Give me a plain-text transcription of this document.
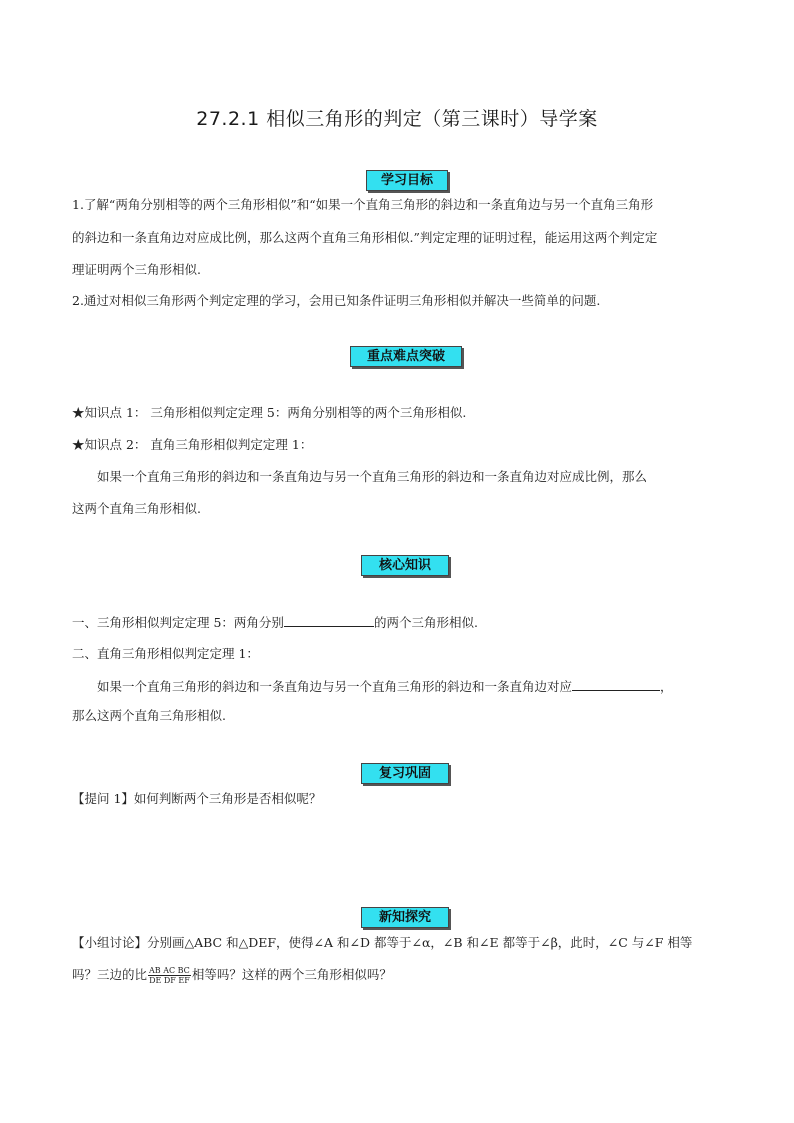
27.2.1 相似三角形的判定（第三课时）导学案
学习目标
1.了解“两角分别相等的两个三角形相似”和“如果一个直角三角形的斜边和一条直角边与另一个直角三角形
的斜边和一条直角边对应成比例，那么这两个直角三角形相似.”判定定理的证明过程，能运用这两个判定定
理证明两个三角形相似.
2.通过对相似三角形两个判定定理的学习，会用已知条件证明三角形相似并解决一些简单的问题.
重点难点突破
★知识点 1： 三角形相似判定定理 5：两角分别相等的两个三角形相似.
★知识点 2： 直角三角形相似判定定理 1：
如果一个直角三角形的斜边和一条直角边与另一个直角三角形的斜边和一条直角边对应成比例，那么
这两个直角三角形相似.
核心知识
一、三角形相似判定定理 5：两角分别	的两个三角形相似.
二、直角三角形相似判定定理 1：
如果一个直角三角形的斜边和一条直角边与另一个直角三角形的斜边和一条直角边对应	，
那么这两个直角三角形相似.
复习巩固
【提问 1】如何判断两个三角形是否相似呢？
新知探究
【小组讨论】分别画△ABC 和△DEF，使得∠A 和∠D 都等于∠α，∠B 和∠E 都等于∠β，此时，∠C 与∠F 相等
吗？三边的比 $\frac{\text{AB AC BC}}{\text{DE DF EF}}$ 相等吗？这样的两个三角形相似吗？
